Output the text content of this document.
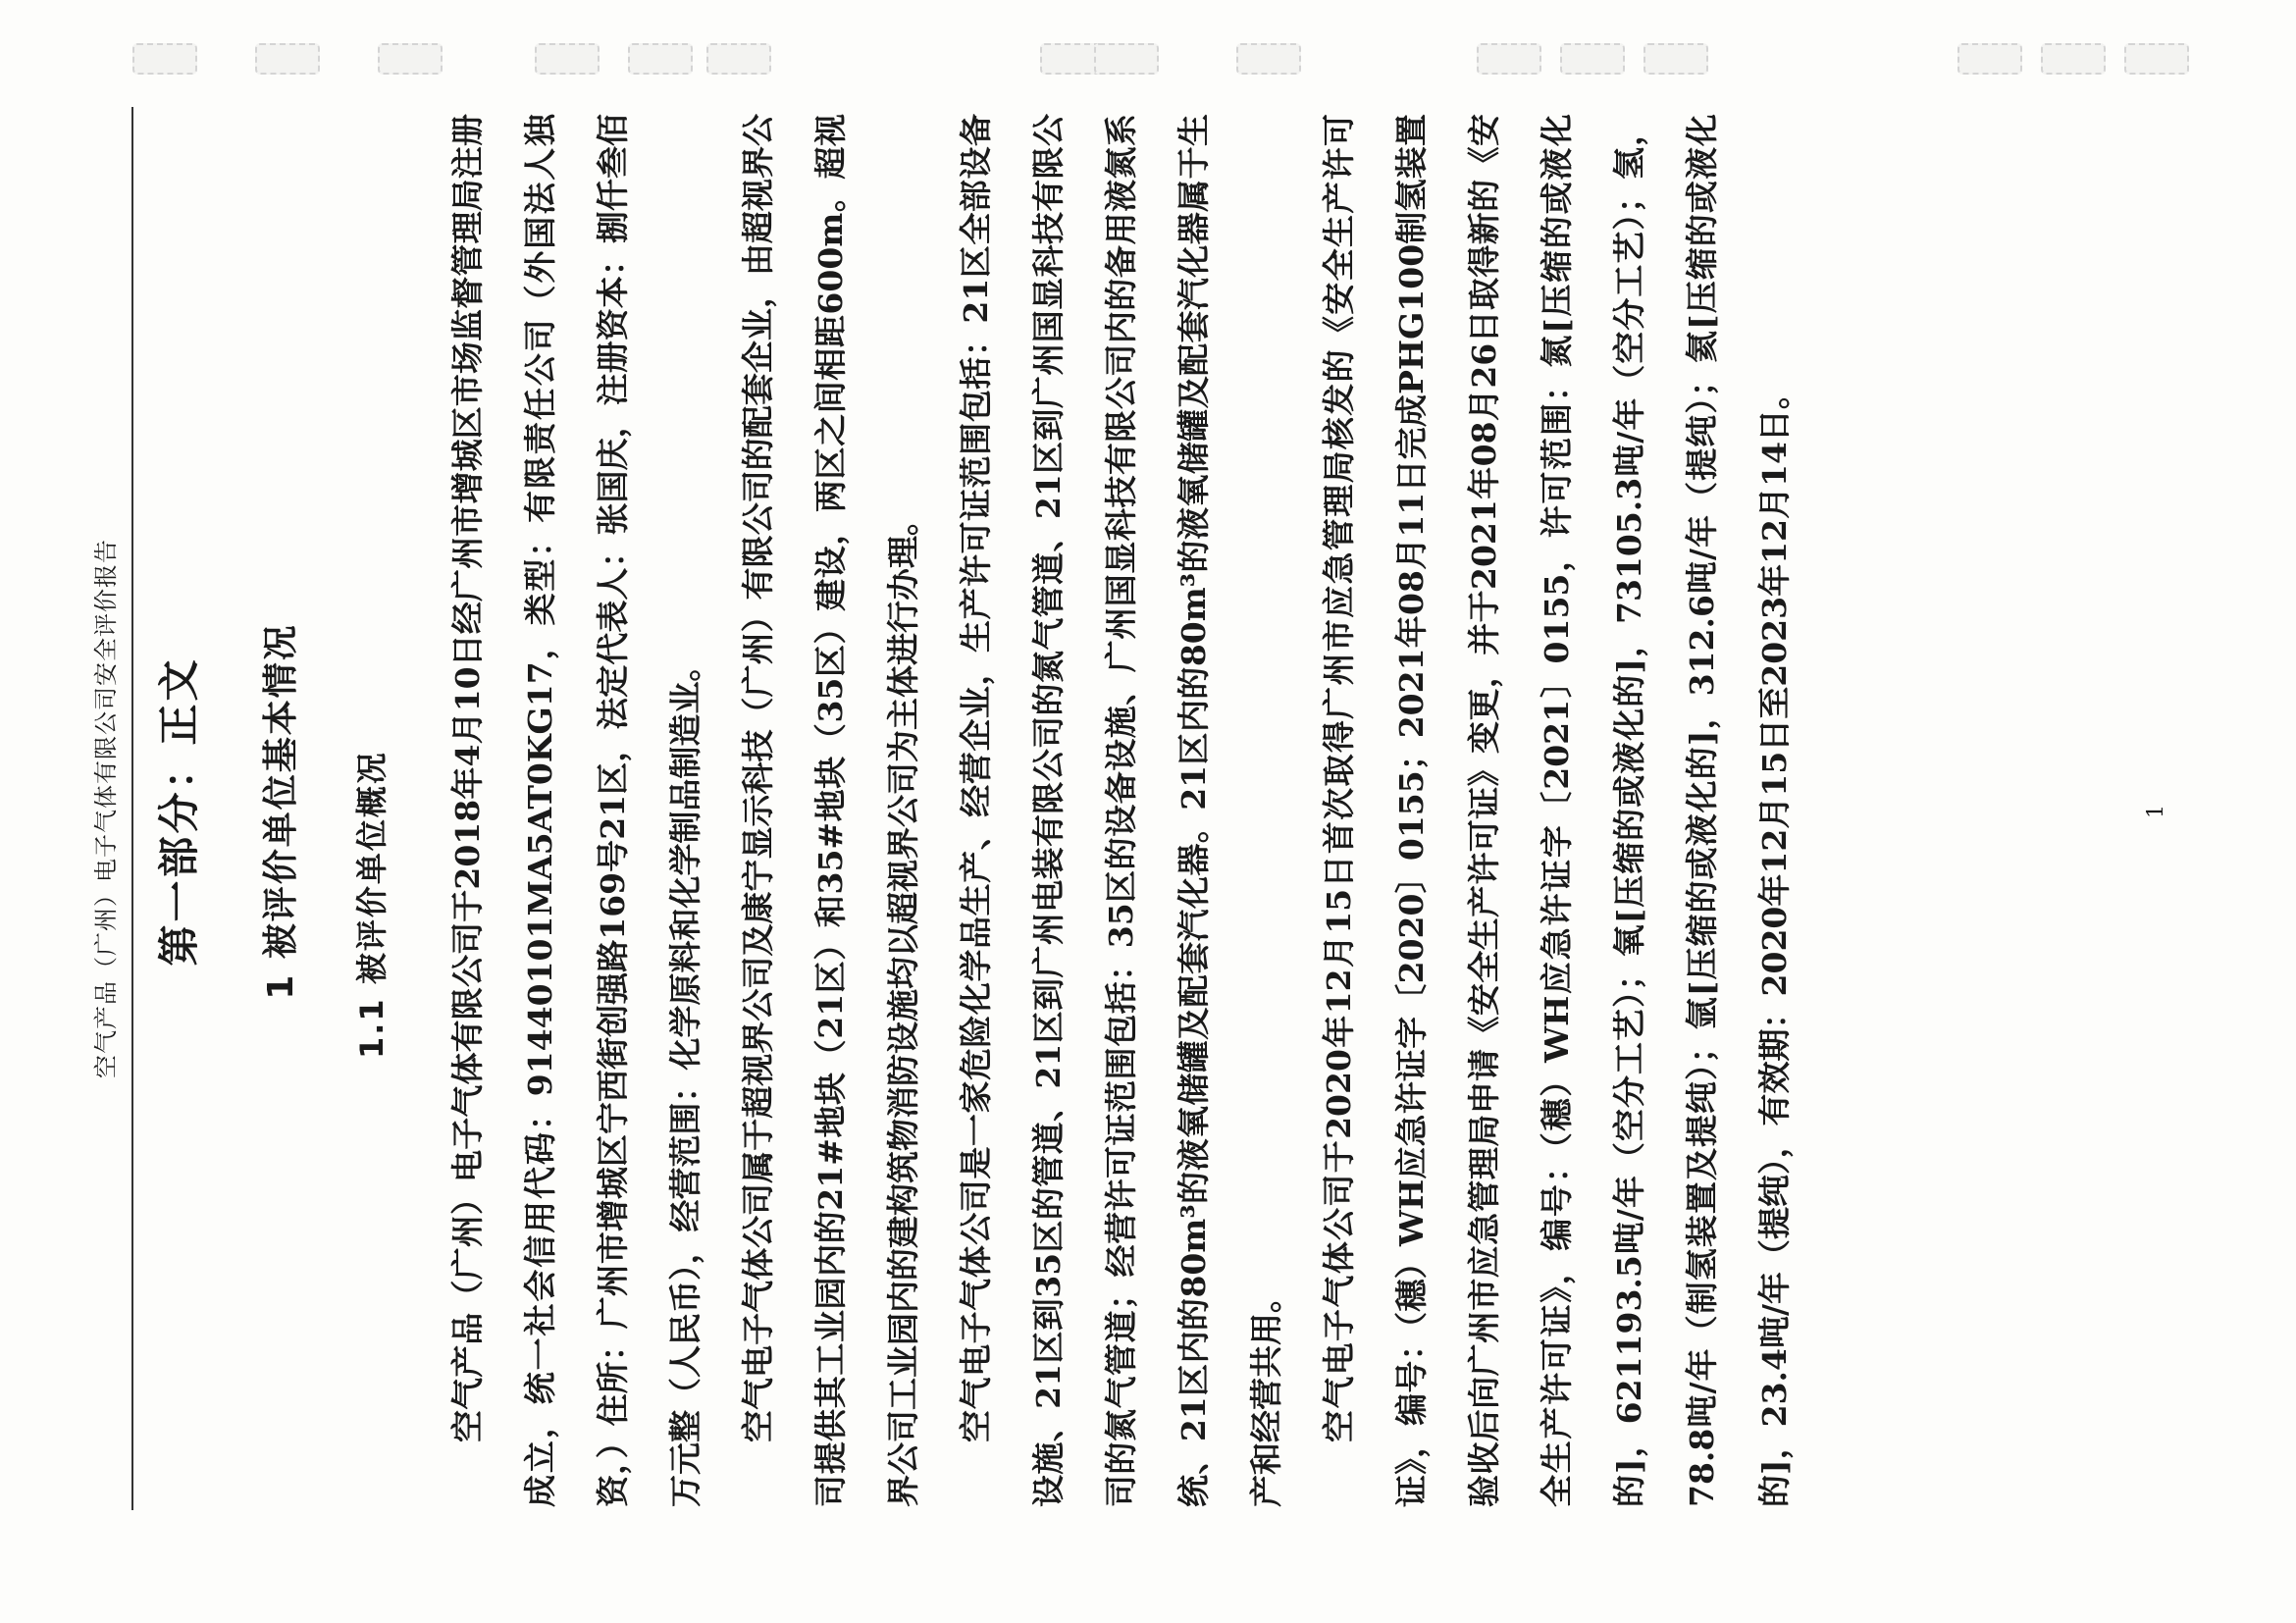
空气产品（广州）电子气体有限公司安全评价报告 第一部分：正文 1 被评价单位基本情况 1.1 被评价单位概况	空气产品（广州）电子气体有限公司于2018年4月10日经广州市增城区市场监督管理局注册成立，统一社会信用代码：91440101MA5AT0KG17，类型：有限责任公司（外国法人独资，）住所：广州市增城区宁西街创强路169号21区，法定代表人：张国庆，注册资本：捌仟叁佰万元整（人民币），经营范围：化学原料和化学制品制造业。	空气电子气体公司属于超视界公司及康宁显示科技（广州）有限公司的配套企业，由超视界公司提供其工业园内的21#地块（21区）和35#地块（35区）建设，两区之间相距600m。超视界公司工业园内的建构筑物消防设施均以超视界公司为主体进行办理。	空气电子气体公司是一家危险化学品生产、经营企业，生产许可证范围包括：21区全部设备设施、21区到35区的管道、21区到广州电装有限公司的氮气管道、21区到广州国显科技有限公司的氮气管道；经营许可证范围包括：35区的设备设施、广州国显科技有限公司内的备用液氮系统、21区内的80m³的液氧储罐及配套汽化器。21区内的80m³的液氧储罐及配套汽化器属于生产和经营共用。	空气电子气体公司于2020年12月15日首次取得广州市应急管理局核发的《安全生产许可证》，编号：（穗）WH应急许证字〔2020〕0155；2021年08月11日完成PHG100制氢装置验收后向广州市应急管理局申请《安全生产许可证》变更，并于2021年08月26日取得新的《安全生产许可证》，编号：（穗）WH应急许证字〔2021〕0155，许可范围：氮[压缩的或液化的]，621193.5吨/年（空分工艺）；氧[压缩的或液化的]，73105.3吨/年（空分工艺）；氢，78.8吨/年（制氢装置及提纯）；氩[压缩的或液化的]，312.6吨/年（提纯）；氦[压缩的或液化的]，23.4吨/年（提纯），有效期：2020年12月15日至2023年12月14日。	1
